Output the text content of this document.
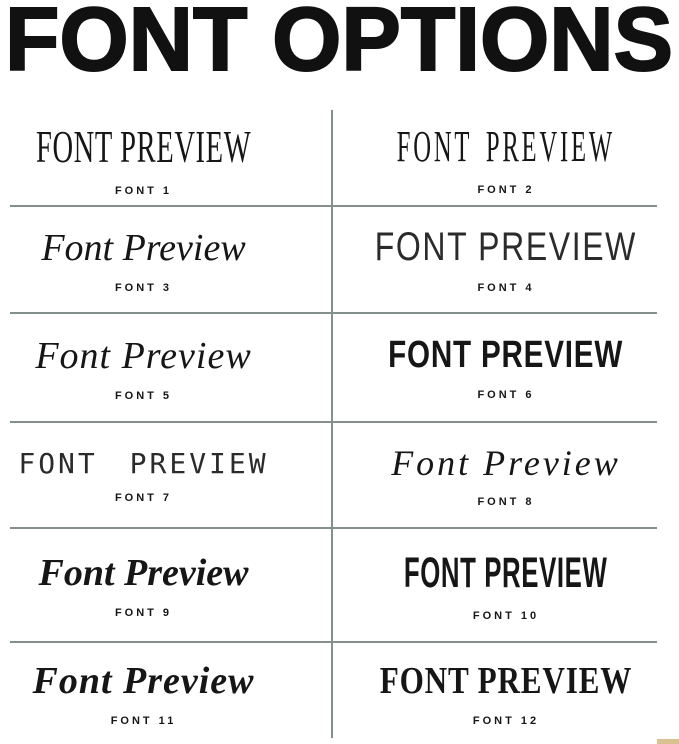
FONT OPTIONS
FONT PREVIEW
FONT 1
FONT PREVIEW
FONT 2
Font Preview
FONT 3
FONT PREVIEW
FONT 4
Font Preview
FONT 5
FONT PREVIEW
FONT 6
FONT PREVIEW
FONT 7
Font Preview
FONT 8
Font Preview
FONT 9
FONT PREVIEW
FONT 10
Font Preview
FONT 11
FONT PREVIEW
FONT 12
